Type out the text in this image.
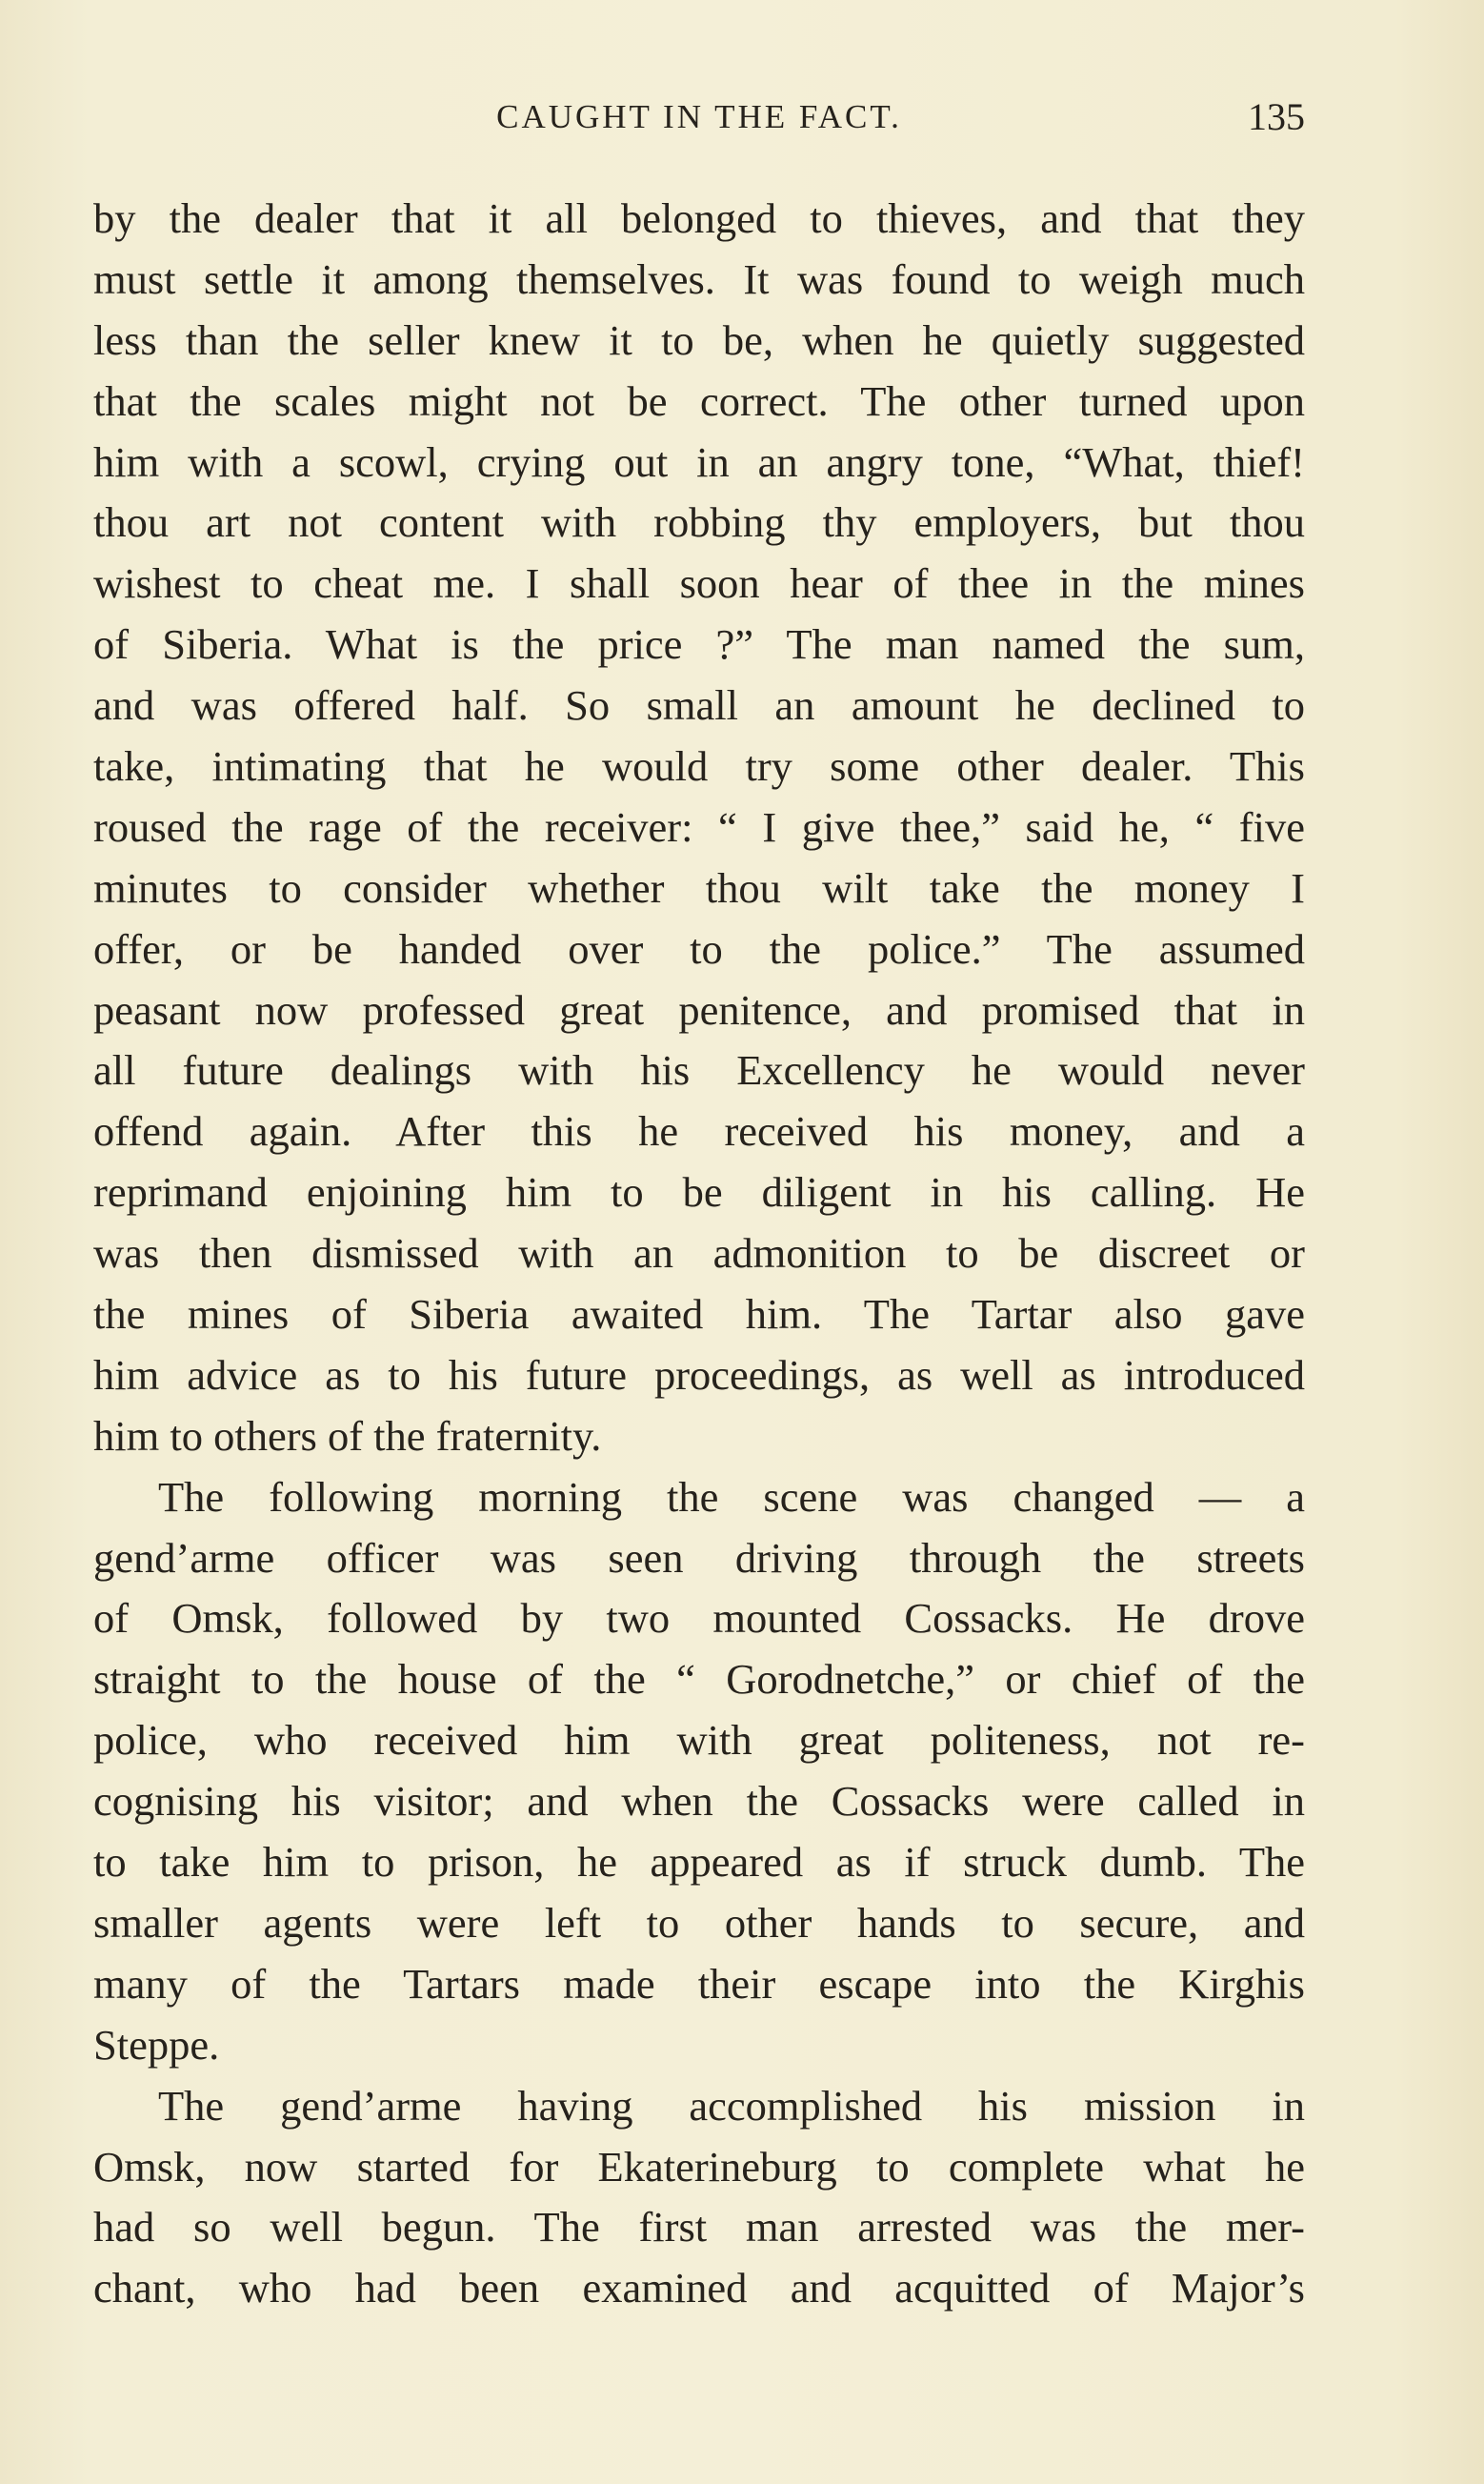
CAUGHT IN THE FACT.	135
by the dealer that it all belonged to thieves, and that they
must settle it among themselves. It was found to weigh much
less than the seller knew it to be, when he quietly suggested
that the scales might not be correct. The other turned upon
him with a scowl, crying out in an angry tone, “What, thief!
thou art not content with robbing thy employers, but thou
wishest to cheat me. I shall soon hear of thee in the mines
of Siberia. What is the price ?” The man named the sum,
and was offered half. So small an amount he declined to
take, intimating that he would try some other dealer. This
roused the rage of the receiver: “ I give thee,” said he, “ five
minutes to consider whether thou wilt take the money I
offer, or be handed over to the police.” The assumed
peasant now professed great penitence, and promised that in
all future dealings with his Excellency he would never
offend again. After this he received his money, and a
reprimand enjoining him to be diligent in his calling. He
was then dismissed with an admonition to be discreet or
the mines of Siberia awaited him. The Tartar also gave
him advice as to his future proceedings, as well as introduced
him to others of the fraternity.
The following morning the scene was changed — a
gend’arme officer was seen driving through the streets
of Omsk, followed by two mounted Cossacks. He drove
straight to the house of the “ Gorodnetche,” or chief of the
police, who received him with great politeness, not re-
cognising his visitor; and when the Cossacks were called in
to take him to prison, he appeared as if struck dumb. The
smaller agents were left to other hands to secure, and
many of the Tartars made their escape into the Kirghis
Steppe.
The gend’arme having accomplished his mission in
Omsk, now started for Ekaterineburg to complete what he
had so well begun. The first man arrested was the mer-
chant, who had been examined and acquitted of Major’s
